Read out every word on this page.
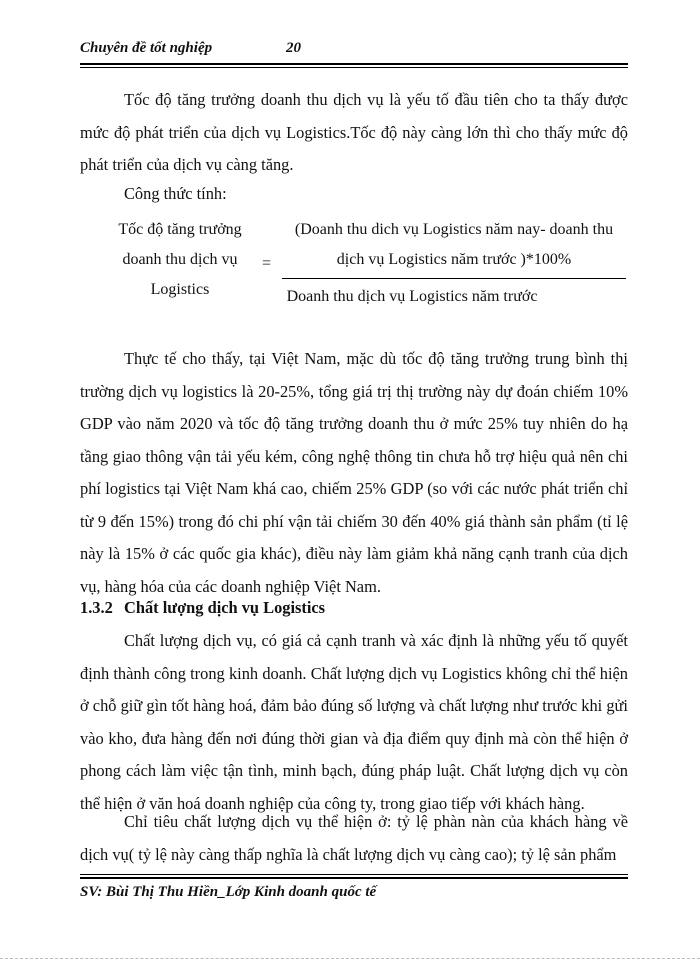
Chuyên đề tốt nghiệp	20

Tốc độ tăng trưởng doanh thu dịch vụ là yếu tố đầu tiên cho ta thấy được mức độ phát triển của dịch vụ Logistics.Tốc độ này càng lớn thì cho thấy mức độ phát triển của dịch vụ càng tăng.

Công thức tính:

Tốc độ tăng trưởng

doanh thu dịch vụ

Logistics

=

(Doanh thu dich vụ Logistics năm nay- doanh thu

dịch vụ Logistics năm trước )*100%

Doanh thu dịch vụ Logistics năm trước

Thực tế cho thấy, tại Việt Nam, mặc dù tốc độ tăng trưởng trung bình thị trường dịch vụ logistics là 20-25%, tổng giá trị thị trường này dự đoán chiếm 10% GDP vào năm 2020 và tốc độ tăng trưởng doanh thu ở mức 25% tuy nhiên do hạ tầng giao thông vận tải yếu kém, công nghệ thông tin chưa hỗ trợ hiệu quả nên chi phí logistics tại Việt Nam khá cao, chiếm 25% GDP (so với các nước phát triển chỉ từ 9 đến 15%) trong đó chi phí vận tải chiếm 30 đến 40% giá thành sản phẩm (tỉ lệ này là 15% ở các quốc gia khác), điều này làm giảm khả năng cạnh tranh của dịch vụ, hàng hóa của các doanh nghiệp Việt Nam.

1.3.2 Chất lượng dịch vụ Logistics

Chất lượng dịch vụ, có giá cả cạnh tranh và xác định là những yếu tố quyết định thành công trong kinh doanh. Chất lượng dịch vụ Logistics không chỉ thể hiện ở chỗ giữ gìn tốt hàng hoá, đảm bảo đúng số lượng và chất lượng như trước khi gửi vào kho, đưa hàng đến nơi đúng thời gian và địa điểm quy định mà còn thể hiện ở phong cách làm việc tận tình, minh bạch, đúng pháp luật. Chất lượng dịch vụ còn thể hiện ở văn hoá doanh nghiệp của công ty, trong giao tiếp với khách hàng.

Chỉ tiêu chất lượng dịch vụ thể hiện ở: tỷ lệ phàn nàn của khách hàng về dịch vụ( tỷ lệ này càng thấp nghĩa là chất lượng dịch vụ càng cao); tỷ lệ sản phẩm

SV: Bùi Thị Thu Hiền_Lớp Kinh doanh quốc tế
